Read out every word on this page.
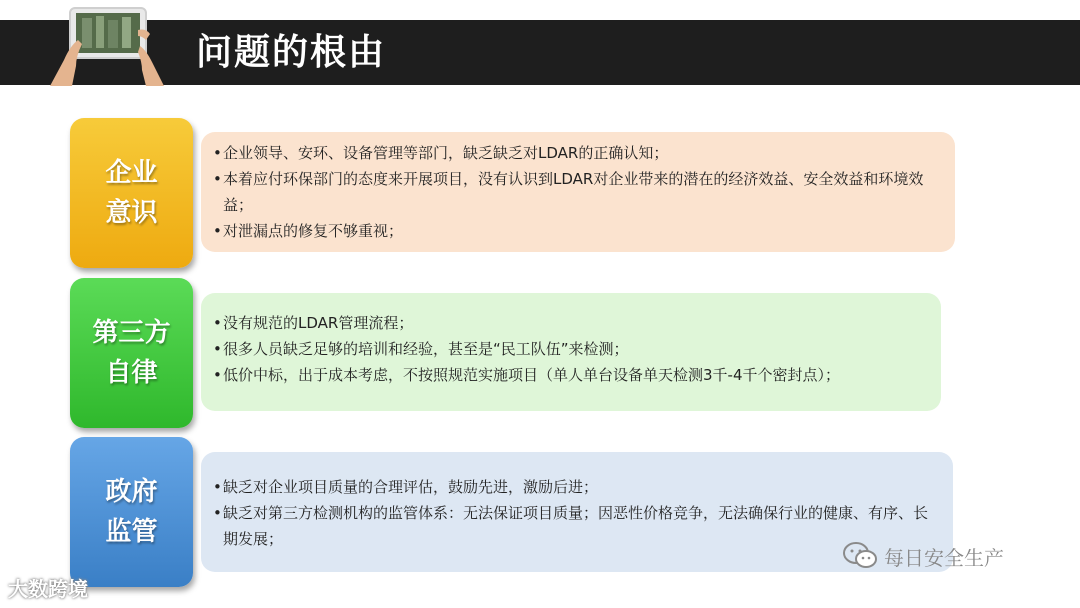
问题的根由
企业
意识
• 企业领导、安环、设备管理等部门，缺乏缺乏对LDAR的正确认知；
• 本着应付环保部门的态度来开展项目，没有认识到LDAR对企业带来的潜在的经济效益、安全效益和环境效益；
• 对泄漏点的修复不够重视；
第三方
自律
• 没有规范的LDAR管理流程；
• 很多人员缺乏足够的培训和经验，甚至是“民工队伍”来检测；
• 低价中标，出于成本考虑，不按照规范实施项目（单人单台设备单天检测3千-4千个密封点）；
政府
监管
• 缺乏对企业项目质量的合理评估，鼓励先进，激励后进；
• 缺乏对第三方检测机构的监管体系：无法保证项目质量；因恶性价格竞争，无法确保行业的健康、有序、长期发展；
大数跨境
每日安全生产
